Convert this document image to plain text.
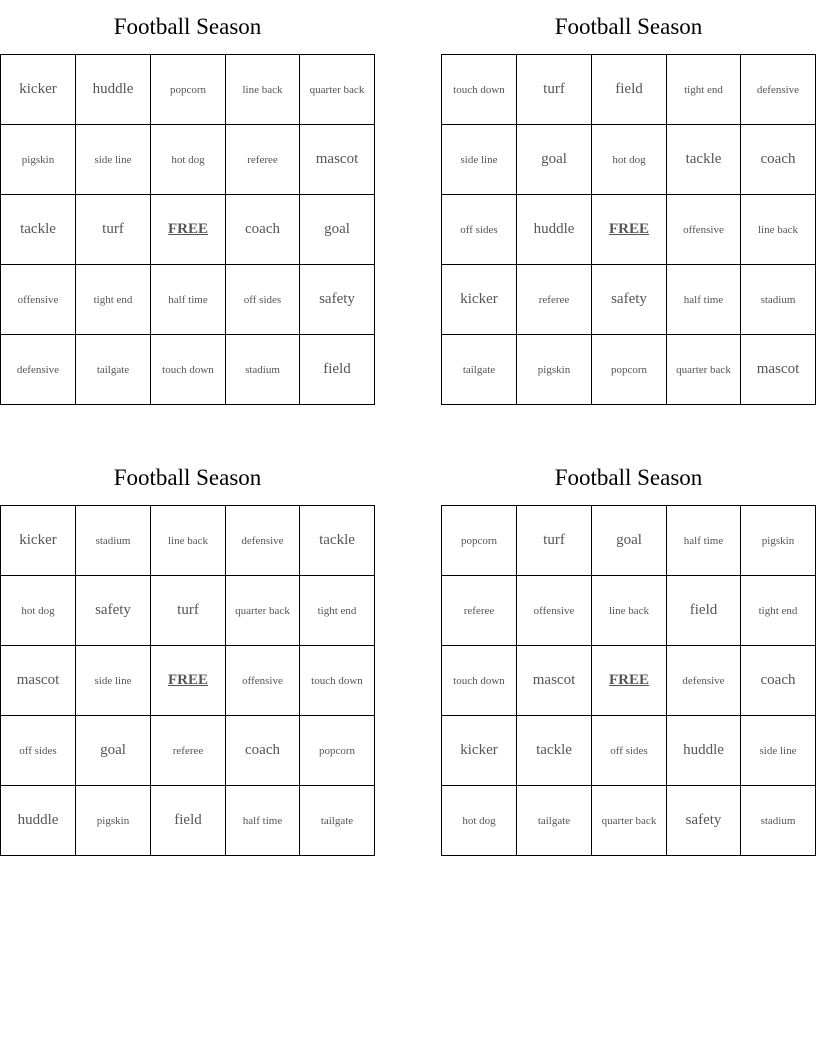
Football Season
kicker	huddle	popcorn	line back	quarter back
pigskin	side line	hot dog	referee	mascot
tackle	turf	FREE	coach	goal
offensive	tight end	half time	off sides	safety
defensive	tailgate	touch down	stadium	field
Football Season
touch down	turf	field	tight end	defensive
side line	goal	hot dog	tackle	coach
off sides	huddle	FREE	offensive	line back
kicker	referee	safety	half time	stadium
tailgate	pigskin	popcorn	quarter back	mascot
Football Season
kicker	stadium	line back	defensive	tackle
hot dog	safety	turf	quarter back	tight end
mascot	side line	FREE	offensive	touch down
off sides	goal	referee	coach	popcorn
huddle	pigskin	field	half time	tailgate
Football Season
popcorn	turf	goal	half time	pigskin
referee	offensive	line back	field	tight end
touch down	mascot	FREE	defensive	coach
kicker	tackle	off sides	huddle	side line
hot dog	tailgate	quarter back	safety	stadium
